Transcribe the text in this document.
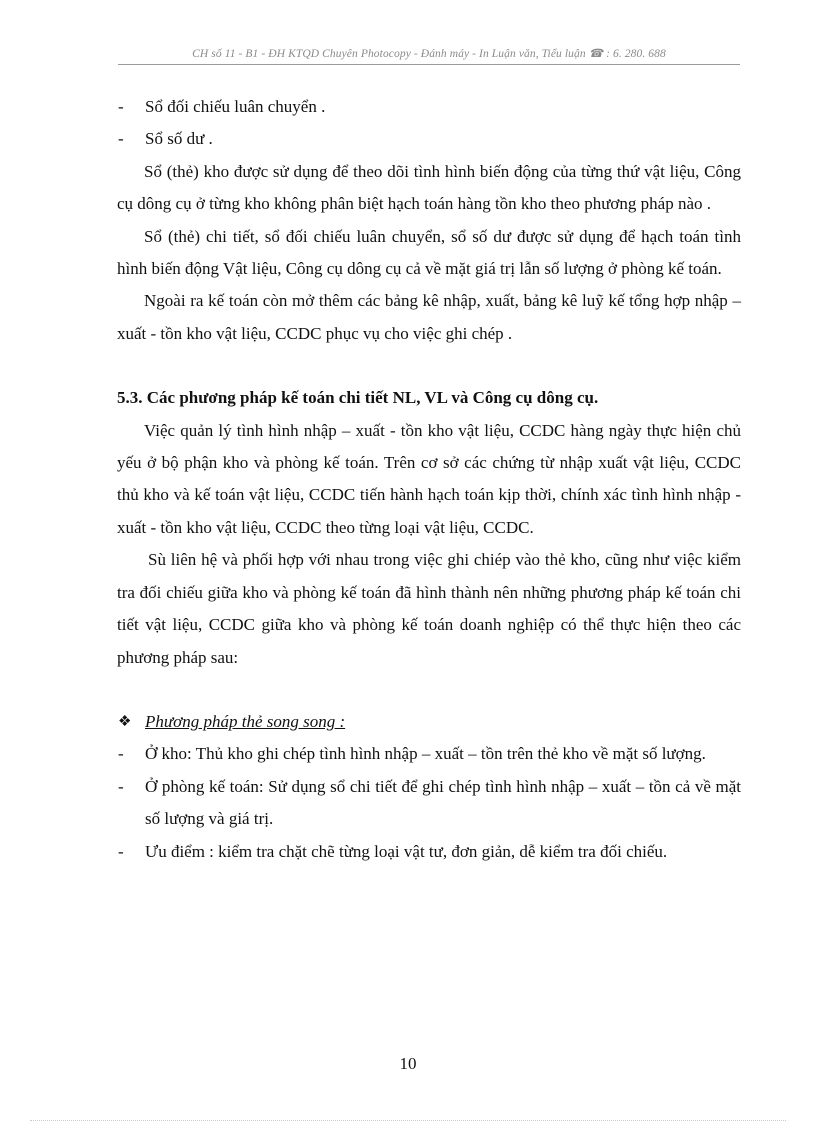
CH số 11 - B1 - ĐH KTQD Chuyên Photocopy - Đánh máy - In Luận văn, Tiểu luận ☎ : 6. 280. 688

-	Sổ đối chiếu luân chuyển .

-	Sổ số dư .

Sổ (thẻ) kho được sử dụng để theo dõi tình hình biến động của từng thứ vật liệu, Công cụ dông cụ ở từng kho không phân biệt hạch toán hàng tồn kho theo phương pháp nào .

Sổ (thẻ) chi tiết, sổ đối chiếu luân chuyển, sổ số dư được sử dụng để hạch toán tình hình biến động Vật liệu, Công cụ dông cụ cả về mặt giá trị lẫn số lượng ở phòng kế toán.

Ngoài ra kế toán còn mở thêm các bảng kê nhập, xuất, bảng kê luỹ kế tổng hợp nhập – xuất - tồn kho vật liệu, CCDC phục vụ cho việc ghi chép .

5.3. Các phương pháp kế toán chi tiết NL, VL và Công cụ dông cụ.

Việc quản lý tình hình nhập – xuất - tồn kho vật liệu, CCDC hàng ngày thực hiện chủ yếu ở bộ phận kho và phòng kế toán. Trên cơ sở các chứng từ nhập xuất vật liệu, CCDC thủ kho và kế toán vật liệu, CCDC tiến hành hạch toán kịp thời, chính xác tình hình nhập - xuất - tồn kho vật liệu, CCDC theo từng loại vật liệu, CCDC.

Sù liên hệ và phối hợp với nhau trong việc ghi chiép vào thẻ kho, cũng như việc kiểm tra đối chiếu giữa kho và phòng kế toán đã hình thành nên những phương pháp kế toán chi tiết vật liệu, CCDC giữa kho và phòng kế toán doanh nghiệp có thể thực hiện theo các phương pháp sau:

❖ Phương pháp thẻ song song :

-	Ở kho: Thủ kho ghi chép tình hình nhập – xuất – tồn trên thẻ kho về mặt số lượng.

-	Ở phòng kế toán: Sử dụng sổ chi tiết để ghi chép tình hình nhập – xuất – tồn cả về mặt số lượng và giá trị.

-	Ưu điểm : kiểm tra chặt chẽ từng loại vật tư, đơn giản, dễ kiểm tra đối chiếu.

10
